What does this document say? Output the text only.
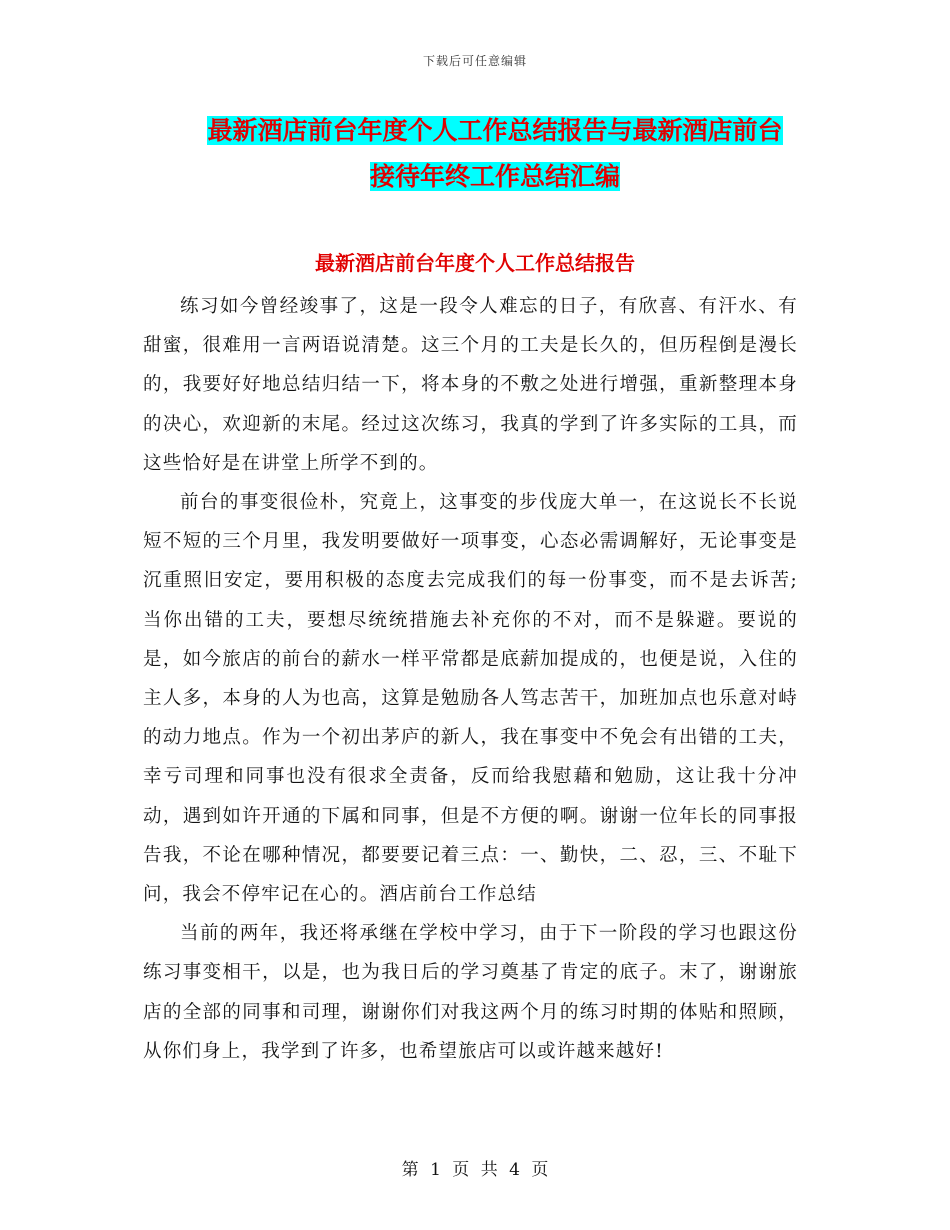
下载后可任意编辑
最新酒店前台年度个人工作总结报告与最新酒店前台
接待年终工作总结汇编
最新酒店前台年度个人工作总结报告

练习如今曾经竣事了，这是一段令人难忘的日子，有欣喜、有汗水、有甜蜜，很难用一言两语说清楚。这三个月的工夫是长久的，但历程倒是漫长的，我要好好地总结归结一下，将本身的不敷之处进行增强，重新整理本身的决心，欢迎新的末尾。经过这次练习，我真的学到了许多实际的工具，而这些恰好是在讲堂上所学不到的。

前台的事变很俭朴，究竟上，这事变的步伐庞大单一，在这说长不长说短不短的三个月里，我发明要做好一项事变，心态必需调解好，无论事变是沉重照旧安定，要用积极的态度去完成我们的每一份事变，而不是去诉苦;当你出错的工夫，要想尽统统措施去补充你的不对，而不是躲避。要说的是，如今旅店的前台的薪水一样平常都是底薪加提成的，也便是说，入住的主人多，本身的人为也高，这算是勉励各人笃志苦干，加班加点也乐意对峙的动力地点。作为一个初出茅庐的新人，我在事变中不免会有出错的工夫，幸亏司理和同事也没有很求全责备，反而给我慰藉和勉励，这让我十分冲动，遇到如许开通的下属和同事，但是不方便的啊。谢谢一位年长的同事报告我，不论在哪种情况，都要要记着三点：一、勤快，二、忍，三、不耻下问，我会不停牢记在心的。酒店前台工作总结

当前的两年，我还将承继在学校中学习，由于下一阶段的学习也跟这份练习事变相干，以是，也为我日后的学习奠基了肯定的底子。末了，谢谢旅店的全部的同事和司理，谢谢你们对我这两个月的练习时期的体贴和照顾，从你们身上，我学到了许多，也希望旅店可以或许越来越好!

第 1 页 共 4 页
